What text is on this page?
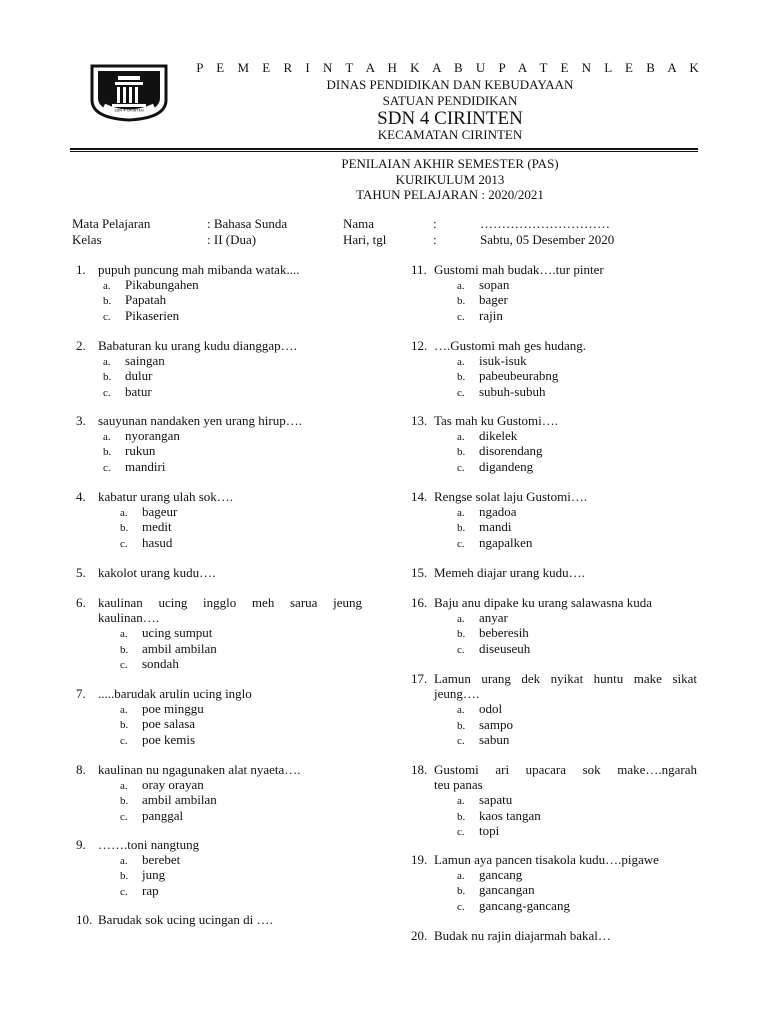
SDN 4 CIRINTEN
P E M E R I N T A H K A B U P A T E N L E B A K
DINAS PENDIDIKAN DAN KEBUDAYAAN
SATUAN PENDIDIKAN
SDN 4 CIRINTEN
KECAMATAN CIRINTEN
PENILAIAN AKHIR SEMESTER (PAS)
KURIKULUM 2013
TAHUN PELAJARAN : 2020/2021
Mata Pelajaran	: Bahasa Sunda	Nama	:	…………………………
Kelas	: II (Dua)	Hari, tgl	:	Sabtu, 05 Desember 2020
1. pupuh puncung mah mibanda watak....
a. Pikabungahen
b. Papatah
c. Pikaserien
2. Babaturan ku urang kudu dianggap….
a. saingan
b. dulur
c. batur
3. sauyunan nandaken yen urang hirup….
a. nyorangan
b. rukun
c. mandiri
4. kabatur urang ulah sok….
a. bageur
b. medit
c. hasud
5. kakolot urang kudu….
6. kaulinan ucing ingglo meh sarua jeung
kaulinan….
a. ucing sumput
b. ambil ambilan
c. sondah
7. .....barudak arulin ucing inglo
a. poe minggu
b. poe salasa
c. poe kemis
8. kaulinan nu ngagunaken alat nyaeta….
a. oray orayan
b. ambil ambilan
c. panggal
9. …….toni nangtung
a. berebet
b. jung
c. rap
10. Barudak sok ucing ucingan di ….
11. Gustomi mah budak….tur pinter
a. sopan
b. bager
c. rajin
12. ….Gustomi mah ges hudang.
a. isuk-isuk
b. pabeubeurabng
c. subuh-subuh
13. Tas mah ku Gustomi….
a. dikelek
b. disorendang
c. digandeng
14. Rengse solat laju Gustomi….
a. ngadoa
b. mandi
c. ngapalken
15. Memeh diajar urang kudu….
16. Baju anu dipake ku urang salawasna kuda
a. anyar
b. beberesih
c. diseuseuh
17. Lamun urang dek nyikat huntu make sikat
jeung….
a. odol
b. sampo
c. sabun
18. Gustomi ari upacara sok make….ngarah
teu panas
a. sapatu
b. kaos tangan
c. topi
19. Lamun aya pancen tisakola kudu….pigawe
a. gancang
b. gancangan
c. gancang-gancang
20. Budak nu rajin diajarmah bakal…
